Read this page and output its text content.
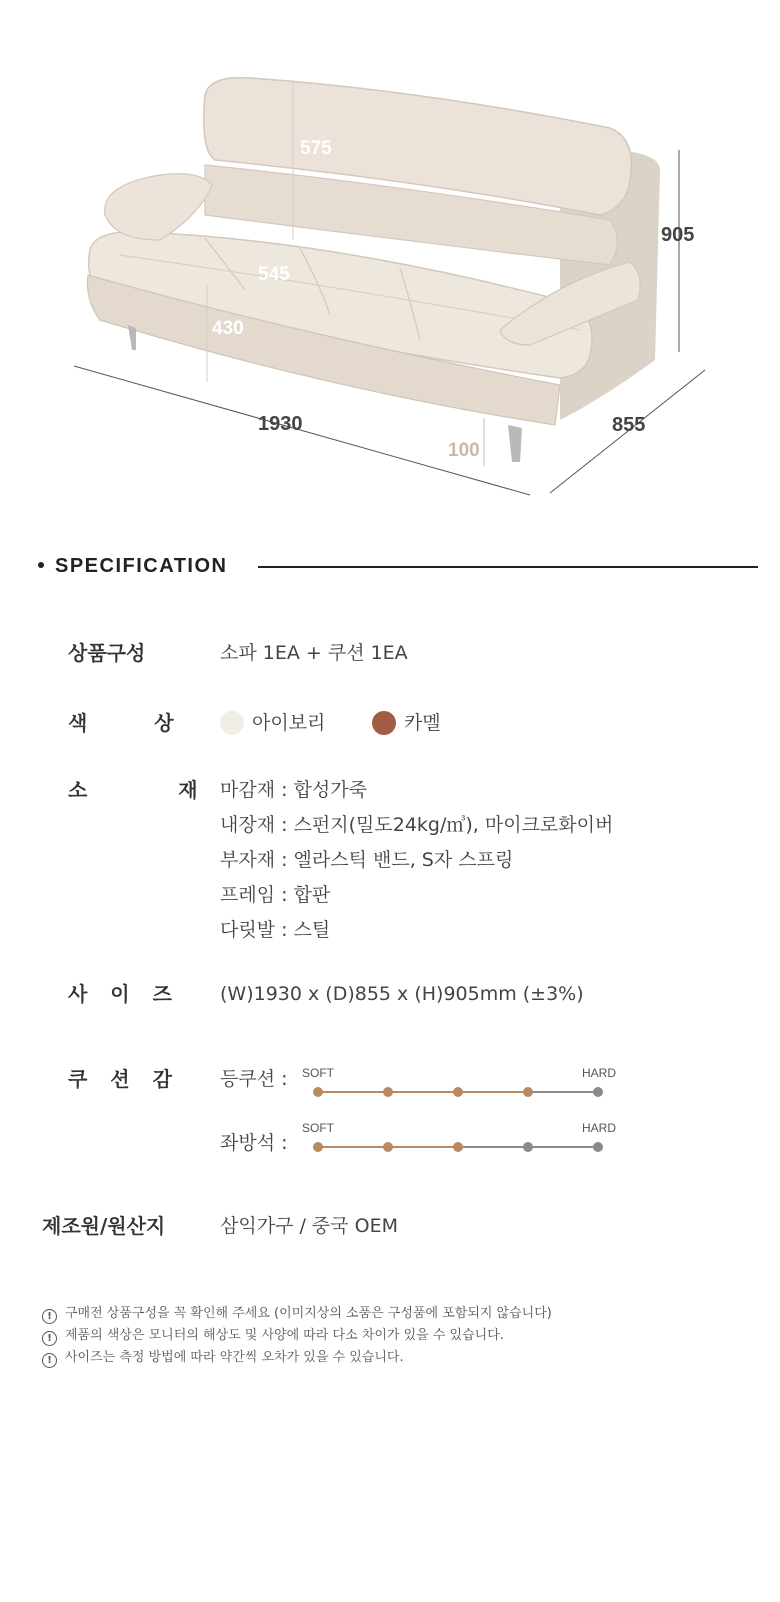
575
545
430
905
1930	855
100
SPECIFICATION
상품구성	소파 1EA + 쿠션 1EA
색 상	아이보리	카멜
소 재
마감재 : 합성가죽
내장재 : 스펀지(밀도24kg/㎥), 마이크로화이버
부자재 : 엘라스틱 밴드, S자 스프링
프레임 : 합판
다릿발 : 스틸
사 이 즈 (W)1930 x (D)855 x (H)905mm (±3%)
쿠 션 감 등쿠션 : SOFT	HARD
좌방석 :
SOFT	HARD
제조원/원산지	삼익가구 / 중국 OEM
! 구매전 상품구성을 꼭 확인해 주세요 (이미지상의 소품은 구성품에 포함되지 않습니다)
! 제품의 색상은 모니터의 해상도 및 사양에 따라 다소 차이가 있을 수 있습니다.
! 사이즈는 측정 방법에 따라 약간씩 오차가 있을 수 있습니다.
